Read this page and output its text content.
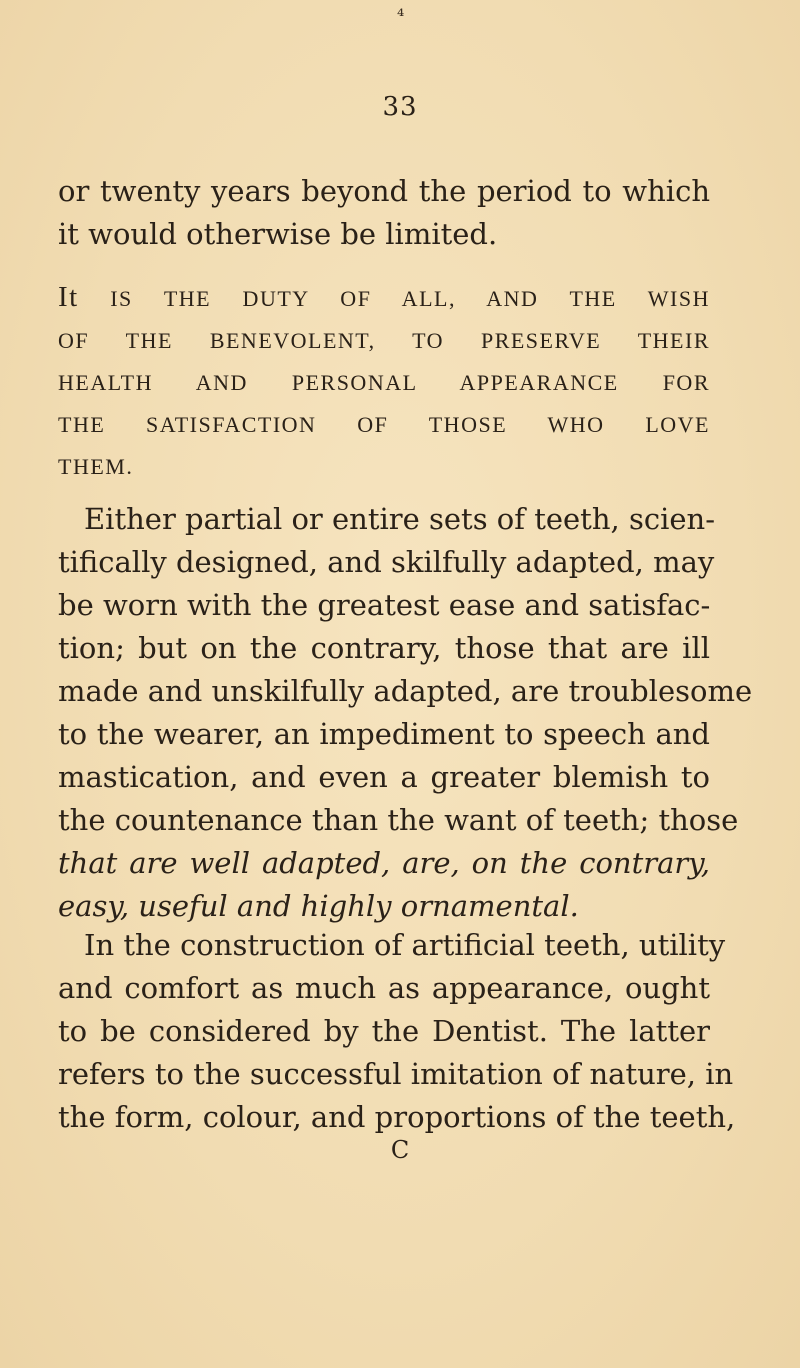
⁴
33
or twenty years beyond the period to which
it would otherwise be limited.
It IS THE DUTY OF ALL, AND THE WISH
OF THE BENEVOLENT, TO PRESERVE THEIR
HEALTH AND PERSONAL APPEARANCE FOR
THE SATISFACTION OF THOSE WHO LOVE
THEM.
Either partial or entire sets of teeth, scien-
tifically designed, and skilfully adapted, may
be worn with the greatest ease and satisfac-
tion; but on the contrary, those that are ill
made and unskilfully adapted, are troublesome
to the wearer, an impediment to speech and
mastication, and even a greater blemish to
the countenance than the want of teeth; those
that are well adapted, are, on the contrary,
easy, useful and highly ornamental.
In the construction of artificial teeth, utility
and comfort as much as appearance, ought
to be considered by the Dentist. The latter
refers to the successful imitation of nature, in
the form, colour, and proportions of the teeth,
C
